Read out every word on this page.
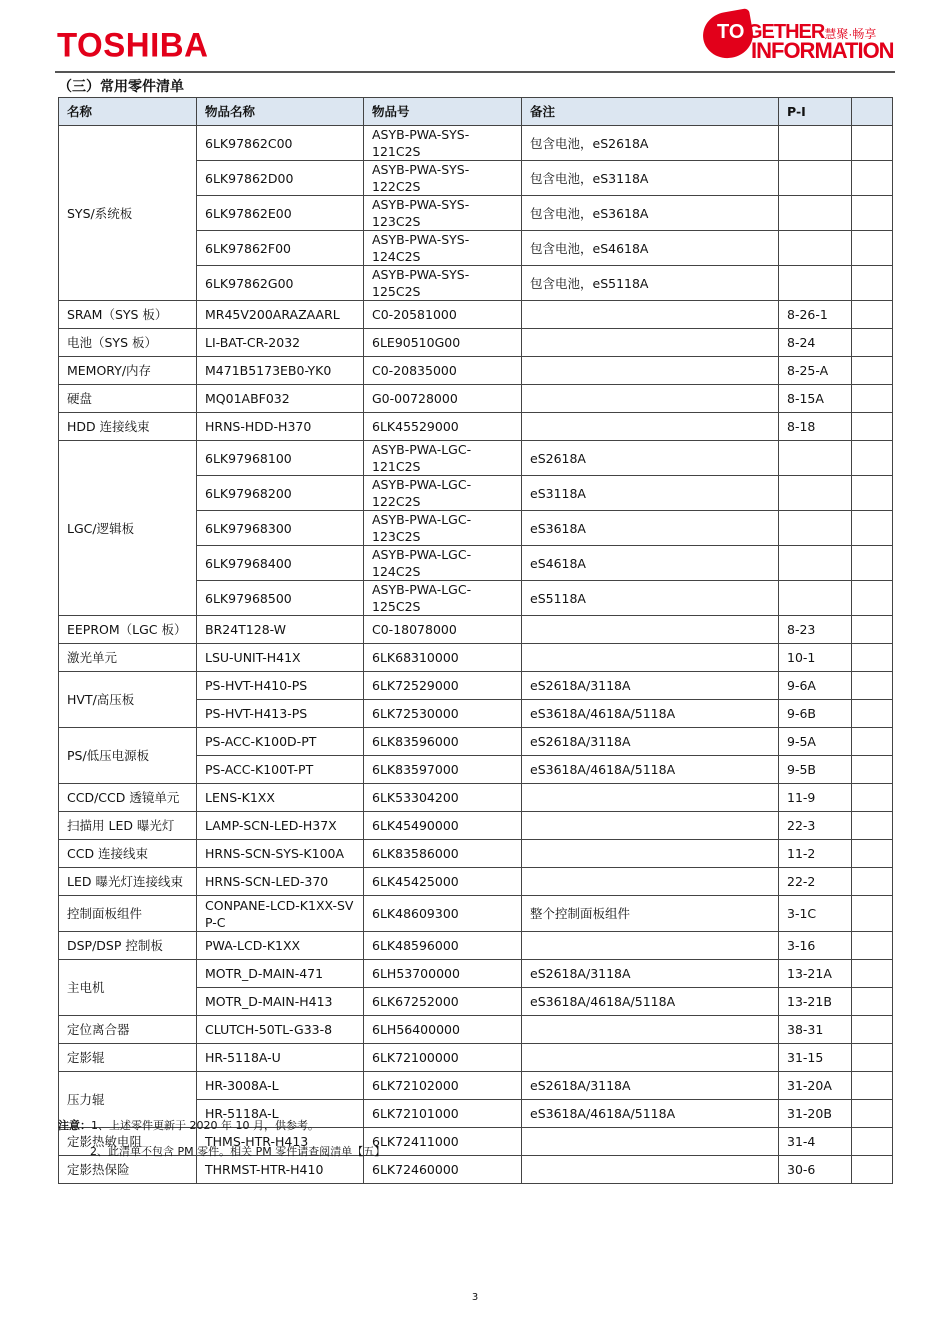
TOSHIBA	TO GETHER慧聚·畅享
INFORMATION
（三）常用零件清单
名称	物品名称	物品号	备注	P-I	
SYS/系统板	6LK97862C00	ASYB-PWA-SYS-121C2S	包含电池，eS2618A		
	6LK97862D00	ASYB-PWA-SYS-122C2S	包含电池，eS3118A		
	6LK97862E00	ASYB-PWA-SYS-123C2S	包含电池，eS3618A		
	6LK97862F00	ASYB-PWA-SYS-124C2S	包含电池，eS4618A		
	6LK97862G00	ASYB-PWA-SYS-125C2S	包含电池，eS5118A		
SRAM（SYS 板）	MR45V200ARAZAARL	C0-20581000		8-26-1	
电池（SYS 板）	LI-BAT-CR-2032	6LE90510G00		8-24	
MEMORY/内存	M471B5173EB0-YK0	C0-20835000		8-25-A	
硬盘	MQ01ABF032	G0-00728000		8-15A	
HDD 连接线束	HRNS-HDD-H370	6LK45529000		8-18	
LGC/逻辑板	6LK97968100	ASYB-PWA-LGC-121C2S	eS2618A		
	6LK97968200	ASYB-PWA-LGC-122C2S	eS3118A		
	6LK97968300	ASYB-PWA-LGC-123C2S	eS3618A		
	6LK97968400	ASYB-PWA-LGC-124C2S	eS4618A		
	6LK97968500	ASYB-PWA-LGC-125C2S	eS5118A		
EEPROM（LGC 板）	BR24T128-W	C0-18078000		8-23	
激光单元	LSU-UNIT-H41X	6LK68310000		10-1	
HVT/高压板	PS-HVT-H410-PS	6LK72529000	eS2618A/3118A	9-6A	
	PS-HVT-H413-PS	6LK72530000	eS3618A/4618A/5118A	9-6B	
PS/低压电源板	PS-ACC-K100D-PT	6LK83596000	eS2618A/3118A	9-5A	
	PS-ACC-K100T-PT	6LK83597000	eS3618A/4618A/5118A	9-5B	
CCD/CCD 透镜单元	LENS-K1XX	6LK53304200		11-9	
扫描用 LED 曝光灯	LAMP-SCN-LED-H37X	6LK45490000		22-3	
CCD 连接线束	HRNS-SCN-SYS-K100A	6LK83586000		11-2	
LED 曝光灯连接线束	HRNS-SCN-LED-370	6LK45425000		22-2	
控制面板组件	CONPANE-LCD-K1XX-SVP-C	6LK48609300	整个控制面板组件	3-1C	
DSP/DSP 控制板	PWA-LCD-K1XX	6LK48596000		3-16	
主电机	MOTR_D-MAIN-471	6LH53700000	eS2618A/3118A	13-21A	
	MOTR_D-MAIN-H413	6LK67252000	eS3618A/4618A/5118A	13-21B	
定位离合器	CLUTCH-50TL-G33-8	6LH56400000		38-31	
定影辊	HR-5118A-U	6LK72100000		31-15	
压力辊	HR-3008A-L	6LK72102000	eS2618A/3118A	31-20A	
	HR-5118A-L	6LK72101000	eS3618A/4618A/5118A	31-20B	
定影热敏电阻	THMS-HTR-H413	6LK72411000		31-4	
定影热保险	THRMST-HTR-H410	6LK72460000		30-6	
注意：1、上述零件更新于 2020 年 10 月，供参考。
2、此清单不包含 PM 零件。相关 PM 零件请查阅清单【五】
3
